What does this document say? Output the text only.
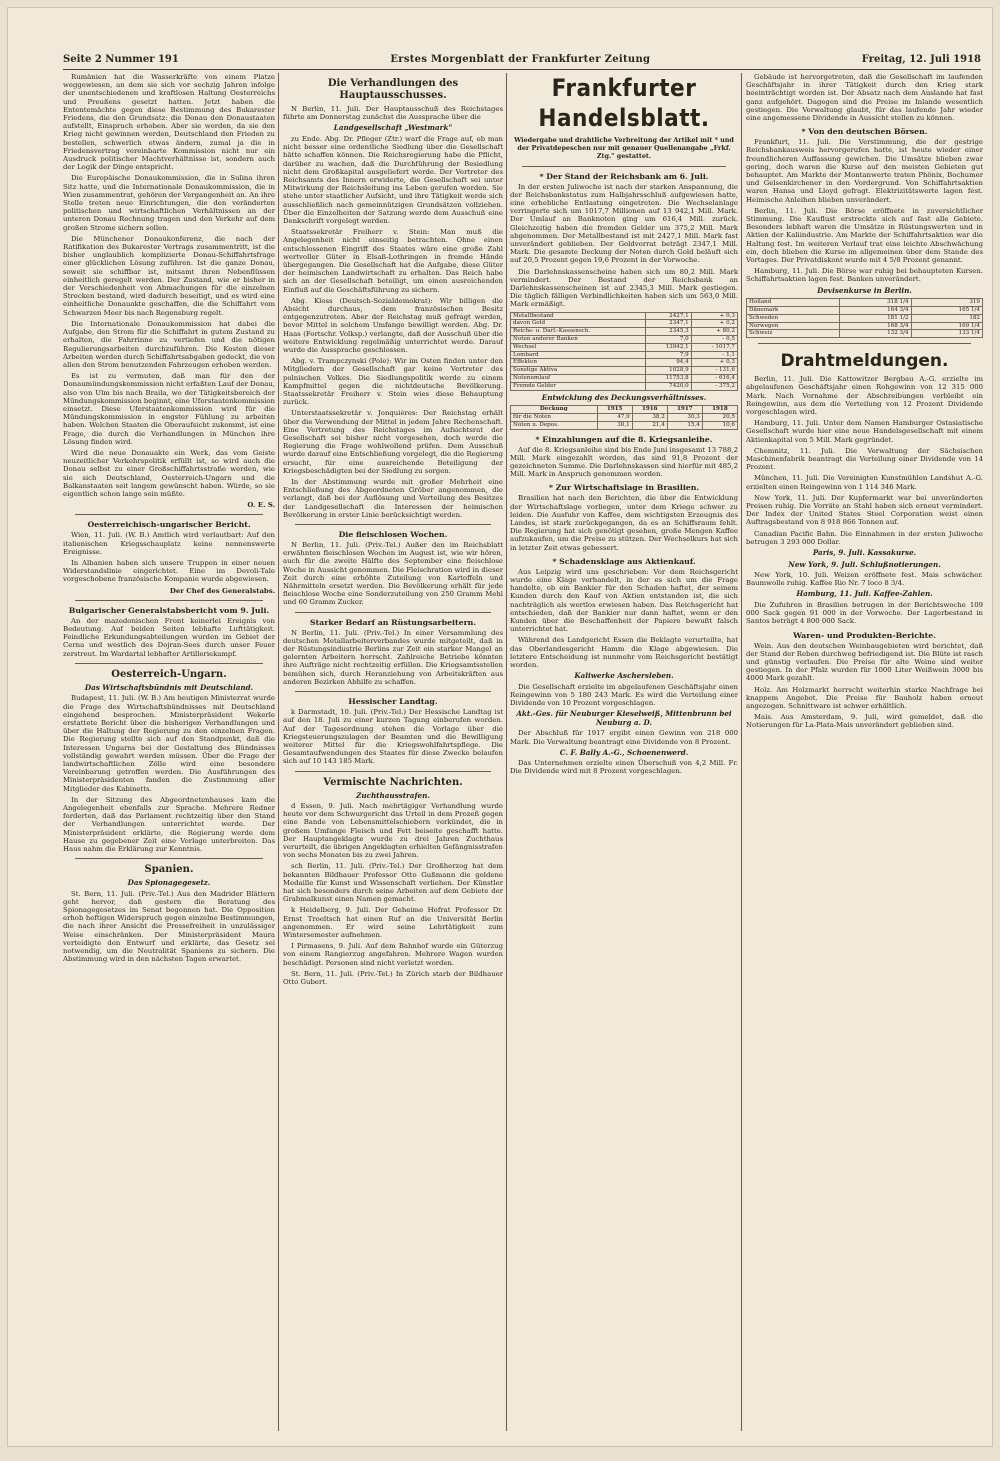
Seite 2 Nummer 191	Erstes Morgenblatt der Frankfurter Zeitung	Freitag, 12. Juli 1918

Rumänien hat die Wasserkräfte von einem Platze weggewiesen, an dem sie sich vor sechzig Jahren infolge der unentschiedenen und kraftlosen Haltung Oesterreichs und Preußens gesetzt hatten. Jetzt haben die Ententemächte gegen diese Bestimmung des Bukarester Friedens, die den Grundsatz: die Donau den Donaustaaten aufstellt, Einspruch erhoben. Aber sie werden, da sie den Krieg nicht gewinnen werden, Deutschland den Frieden zu bestellen, schwerlich etwas ändern, zumal ja die in Friedensvertrag vereinbarte Kommission nicht nur ein Ausdruck politischer Machtverhältnisse ist, sondern auch der Logik der Dinge entspricht.

Die Europäische Donaukommission, die in Sulina ihren Sitz hatte, und die Internationale Donaukommission, die in Wien zusammentrat, gehören der Vergangenheit an. An ihre Stelle treten neue Einrichtungen, die den veränderten politischen und wirtschaftlichen Verhältnissen an der unteren Donau Rechnung tragen und den Verkehr auf dem großen Strome sichern sollen.

Die Münchener Donaukonferenz, die nach der Ratifikation des Bukarester Vertrags zusammentritt, ist die bisher unglaublich komplizierte Donau-Schiffahrtsfrage einer glücklichen Lösung zuführen. Ist die ganze Donau, soweit sie schiffbar ist, mitsamt ihren Nebenflüssen einheitlich geregelt werden. Der Zustand, wie er bisher in der Verschiedenheit von Abmachungen für die einzelnen Strecken bestand, wird dadurch beseitigt, und es wird eine einheitliche Donauakte geschaffen, die die Schiffahrt vom Schwarzen Meer bis nach Regensburg regelt.

Die Internationale Donaukommission hat dabei die Aufgabe, den Strom für die Schiffahrt in gutem Zustand zu erhalten, die Fahrrinne zu vertiefen und die nötigen Regulierungsarbeiten durchzuführen. Die Kosten dieser Arbeiten werden durch Schiffahrtsabgaben gedeckt, die von allen den Strom benutzenden Fahrzeugen erhoben werden.

Es ist zu vermuten, daß man für den der Donaumündungskommission nicht erfaßten Lauf der Donau, also von Ulm bis nach Braila, wo der Tätigkeitsbereich der Mündungskommission beginnt, eine Uferstaatenkommission einsetzt. Diese Uferstaatenkommission wird für die Mündungskommission in engster Fühlung zu arbeiten haben. Welchen Staaten die Oberaufsicht zukommt, ist eine Frage, die durch die Verhandlungen in München ihre Lösung finden wird.

Wird die neue Donauakte ein Werk, das vom Geiste neuzeitlicher Verkehrspolitik erfüllt ist, so wird auch die Donau selbst zu einer Großschiffahrtsstraße werden, wie sie sich Deutschland, Oesterreich-Ungarn und die Balkanstaaten seit langem gewünscht haben. Würde, so sie eigentlich schon lange sein müßte.

O. E. S.
Oesterreichisch-ungarischer Bericht.

Wien, 11. Juli. (W. B.) Amtlich wird verlautbart: Auf den italienischen Kriegsschauplatz keine nennenswerte Ereignisse.

In Albanien haben sich unsere Truppen in einer neuen Widerstandslinie eingerichtet. Eine im Devoli-Tale vorgeschobene französische Kompanie wurde abgewiesen.

Der Chef des Generalstabs.
Bulgarischer Generalstabsbericht vom 9. Juli.

An der mazedonischen Front keinerlei Ereignis von Bedeutung. Auf beiden Seiten lebhafte Lufttätigkeit. Feindliche Erkundungsabteilungen wurden im Gebiet der Cerna und westlich des Dojran-Sees durch unser Feuer zerstreut. Im Wardartal lebhafter Artilleriekampf.

Oesterreich-Ungarn.
Das Wirtschaftsbündnis mit Deutschland.

Budapest, 11. Juli. (W. B.) Am heutigen Ministerrat wurde die Frage des Wirtschaftsbündnisses mit Deutschland eingehend besprochen. Ministerpräsident Wekerle erstattete Bericht über die bisherigen Verhandlungen und über die Haltung der Regierung zu den einzelnen Fragen. Die Regierung stellte sich auf den Standpunkt, daß die Interessen Ungarns bei der Gestaltung des Bündnisses vollständig gewahrt werden müssen. Über die Frage der landwirtschaftlichen Zölle wird eine besondere Vereinbarung getroffen werden. Die Ausführungen des Ministerpräsidenten fanden die Zustimmung aller Mitglieder des Kabinetts.

In der Sitzung des Abgeordnetenhauses kam die Angelegenheit ebenfalls zur Sprache. Mehrere Redner forderten, daß das Parlament rechtzeitig über den Stand der Verhandlungen unterrichtet werde. Der Ministerpräsident erklärte, die Regierung werde dem Hause zu gegebener Zeit eine Vorlage unterbreiten. Das Haus nahm die Erklärung zur Kenntnis.

Spanien.
Das Spionagegesetz.

St. Bern, 11. Juli. (Priv.-Tel.) Aus den Madrider Blättern geht hervor, daß gestern die Beratung des Spionagegesetzes im Senat begonnen hat. Die Opposition erhob heftigen Widerspruch gegen einzelne Bestimmungen, die nach ihrer Ansicht die Pressefreiheit in unzulässiger Weise einschränken. Der Ministerpräsident Maura verteidigte den Entwurf und erklärte, das Gesetz sei notwendig, um die Neutralität Spaniens zu sichern. Die Abstimmung wird in den nächsten Tagen erwartet.

Die Verhandlungen des Hauptausschusses.

N Berlin, 11. Juli. Der Hauptausschuß des Reichstages führte am Donnerstag zunächst die Aussprache über die

Landgesellschaft „Westmark"

zu Ende. Abg. Dr. Pfleger (Ztr.) warf die Frage auf, ob man nicht besser eine ordentliche Siedlung über die Gesellschaft hätte schaffen können. Die Reichsregierung habe die Pflicht, darüber zu wachen, daß die Durchführung der Besiedlung nicht dem Großkapital ausgeliefert werde. Der Vertreter des Reichsamts des Innern erwiderte, die Gesellschaft sei unter Mitwirkung der Reichsleitung ins Leben gerufen worden. Sie stehe unter staatlicher Aufsicht, und ihre Tätigkeit werde sich ausschließlich nach gemeinnützigen Grundsätzen vollziehen. Über die Einzelheiten der Satzung werde dem Ausschuß eine Denkschrift vorgelegt werden.

Staatssekretär Freiherr v. Stein: Man muß die Angelegenheit nicht einseitig betrachten. Ohne einen entschlossenen Eingriff des Staates wäre eine große Zahl wertvoller Güter in Elsaß-Lothringen in fremde Hände übergegangen. Die Gesellschaft hat die Aufgabe, diese Güter der heimischen Landwirtschaft zu erhalten. Das Reich habe sich an der Gesellschaft beteiligt, um einen ausreichenden Einfluß auf die Geschäftsführung zu sichern.

Abg. Kloss (Deutsch-Sozialdemokrat): Wir billigen die Absicht durchaus, dem französischen Besitz entgegenzutreten. Aber der Reichstag muß gefragt werden, bevor Mittel in solchem Umfange bewilligt werden. Abg. Dr. Haas (Fortschr. Volksp.) verlangte, daß der Ausschuß über die weitere Entwicklung regelmäßig unterrichtet werde. Darauf wurde die Aussprache geschlossen.

Abg. v. Trampczynski (Pole): Wir im Osten finden unter den Mitgliedern der Gesellschaft gar keine Vertreter des polnischen Volkes. Die Siedlungspolitik werde zu einem Kampfmittel gegen die nichtdeutsche Bevölkerung. Staatssekretär Freiherr v. Stein wies diese Behauptung zurück.

Unterstaatssekretär v. Jonquières: Der Reichstag erhält über die Verwendung der Mittel in jedem Jahre Rechenschaft. Eine Vertretung des Reichstages im Aufsichtsrat der Gesellschaft sei bisher nicht vorgesehen, doch werde die Regierung die Frage wohlwollend prüfen. Dem Ausschuß wurde darauf eine Entschließung vorgelegt, die die Regierung ersucht, für eine ausreichende Beteiligung der Kriegsbeschädigten bei der Siedlung zu sorgen.

In der Abstimmung wurde mit großer Mehrheit eine Entschließung des Abgeordneten Gröber angenommen, die verlangt, daß bei der Auflösung und Verteilung des Besitzes der Landgesellschaft die Interessen der heimischen Bevölkerung in erster Linie berücksichtigt werden.

Die fleischlosen Wochen.

N Berlin, 11. Juli. (Priv.-Tel.) Außer den im Reichsblatt erwähnten fleischlosen Wochen im August ist, wie wir hören, auch für die zweite Hälfte des September eine fleischlose Woche in Aussicht genommen. Die Fleischration wird in dieser Zeit durch eine erhöhte Zuteilung von Kartoffeln und Nährmitteln ersetzt werden. Die Bevölkerung erhält für jede fleischlose Woche eine Sonderzuteilung von 250 Gramm Mehl und 60 Gramm Zucker.

Starker Bedarf an Rüstungsarbeitern.

N Berlin, 11. Juli. (Priv.-Tel.) In einer Versammlung des deutschen Metallarbeiterverbandes wurde mitgeteilt, daß in der Rüstungsindustrie Berlins zur Zeit ein starker Mangel an gelernten Arbeitern herrscht. Zahlreiche Betriebe könnten ihre Aufträge nicht rechtzeitig erfüllen. Die Kriegsamtsstellen bemühen sich, durch Heranziehung von Arbeitskräften aus anderen Bezirken Abhilfe zu schaffen.

Hessischer Landtag.

k Darmstadt, 10. Juli. (Priv.-Tel.) Der Hessische Landtag ist auf den 18. Juli zu einer kurzen Tagung einberufen worden. Auf der Tagesordnung stehen die Vorlage über die Kriegsteuerungszulagen der Beamten und die Bewilligung weiterer Mittel für die Kriegswohlfahrtspflege. Die Gesamtaufwendungen des Staates für diese Zwecke belaufen sich auf 10 143 185 Mark.

Vermischte Nachrichten.
Zuchthausstrafen.

d Essen, 9. Juli. Nach mehrtägiger Verhandlung wurde heute vor dem Schwurgericht das Urteil in dem Prozeß gegen eine Bande von Lebensmittelschiebern verkündet, die in großem Umfange Fleisch und Fett beiseite geschafft hatte. Der Hauptangeklagte wurde zu drei Jahren Zuchthaus verurteilt, die übrigen Angeklagten erhielten Gefängnisstrafen von sechs Monaten bis zu zwei Jahren.

sch Berlin, 11. Juli. (Priv.-Tel.) Der Großherzog hat dem bekannten Bildhauer Professor Otto Gußmann die goldene Medaille für Kunst und Wissenschaft verliehen. Der Künstler hat sich besonders durch seine Arbeiten auf dem Gebiete der Grabmalkunst einen Namen gemacht.

k Heidelberg, 9. Juli. Der Geheime Hofrat Professor Dr. Ernst Troeltsch hat einen Ruf an die Universität Berlin angenommen. Er wird seine Lehrtätigkeit zum Wintersemester aufnehmen.

I Pirmasens, 9. Juli. Auf dem Bahnhof wurde ein Güterzug von einem Rangierzug angefahren. Mehrere Wagen wurden beschädigt. Personen sind nicht verletzt worden.

St. Bern, 11. Juli. (Priv.-Tel.) In Zürich starb der Bildhauer Otto Gubert.

Frankfurter Handelsblatt.
Wiedergabe und drahtliche Verbreitung der Artikel mit * und der Privatdepeschen nur mit genauer Quellenangabe „Frkf. Ztg." gestattet.
* Der Stand der Reichsbank am 6. Juli.

In der ersten Juliwoche ist nach der starken Anspannung, die der Reichsbankstatus zum Halbjahrsschluß aufgewiesen hatte, eine erhebliche Entlastung eingetreten. Die Wechselanlage verringerte sich um 1017,7 Millionen auf 13 942,1 Mill. Mark. Der Umlauf an Banknoten ging um 616,4 Mill. zurück. Gleichzeitig haben die fremden Gelder um 375,2 Mill. Mark abgenommen. Der Metallbestand ist mit 2427,1 Mill. Mark fast unverändert geblieben. Der Goldvorrat beträgt 2347,1 Mill. Mark. Die gesamte Deckung der Noten durch Gold beläuft sich auf 20,5 Prozent gegen 19,6 Prozent in der Vorwoche.

Die Darlehnskassenscheine haben sich um 80,2 Mill. Mark vermindert. Der Bestand der Reichsbank an Darlehnskassenscheinen ist auf 2345,3 Mill. Mark gestiegen. Die täglich fälligen Verbindlichkeiten haben sich um 563,0 Mill. Mark ermäßigt.

Metallbestand	2427,1	+ 0,3
davon Gold	2347,1	+ 0,2
Reichs- u. Darl.-Kassensch.	2345,3	+ 80,2
Noten anderer Banken	7,0	- 0,5
Wechsel	13942,1	- 1017,7
Lombard	7,9	- 1,1
Effekten	94,4	+ 0,3
Sonstige Aktiva	1028,9	- 131,6
Notenumlauf	11753,8	- 616,4
Fremde Gelder	7420,0	- 375,2
Entwicklung des Deckungsverhältnisses.
Deckung	1915	1916	1917	1918
für die Noten	47,9	38,2	30,3	20,5
Noten u. Depos.	30,1	21,4	15,4	10,6
* Einzahlungen auf die 8. Kriegsanleihe.

Auf die 8. Kriegsanleihe sind bis Ende Juni insgesamt 13 788,2 Mill. Mark eingezahlt worden, das sind 91,8 Prozent der gezeichneten Summe. Die Darlehnskassen sind hierfür mit 485,2 Mill. Mark in Anspruch genommen worden.

* Zur Wirtschaftslage in Brasilien.

Brasilien hat nach den Berichten, die über die Entwicklung der Wirtschaftslage vorliegen, unter dem Kriege schwer zu leiden. Die Ausfuhr von Kaffee, dem wichtigsten Erzeugnis des Landes, ist stark zurückgegangen, da es an Schiffsraum fehlt. Die Regierung hat sich genötigt gesehen, große Mengen Kaffee aufzukaufen, um die Preise zu stützen. Der Wechselkurs hat sich in letzter Zeit etwas gebessert.

* Schadensklage aus Aktienkauf.

Aus Leipzig wird uns geschrieben: Vor dem Reichsgericht wurde eine Klage verhandelt, in der es sich um die Frage handelte, ob ein Bankier für den Schaden haftet, der seinem Kunden durch den Kauf von Aktien entstanden ist, die sich nachträglich als wertlos erwiesen haben. Das Reichsgericht hat entschieden, daß der Bankier nur dann haftet, wenn er den Kunden über die Beschaffenheit der Papiere bewußt falsch unterrichtet hat.

Während des Landgericht Essen die Beklagte verurteilte, hat das Oberlandesgericht Hamm die Klage abgewiesen. Die letztere Entscheidung ist nunmehr vom Reichsgericht bestätigt worden.

Kaliwerke Aschersleben.

Die Gesellschaft erzielte im abgelaufenen Geschäftsjahr einen Reingewinn von 5 180 243 Mark. Es wird die Verteilung einer Dividende von 10 Prozent vorgeschlagen.

Akt.-Ges. für Neuburger Kieselweiß, Mittenbrunn bei Neuburg a. D.

Der Abschluß für 1917 ergibt einen Gewinn von 218 000 Mark. Die Verwaltung beantragt eine Dividende von 8 Prozent.

C. F. Bally A.-G., Schoenenwerd.

Das Unternehmen erzielte einen Überschuß von 4,2 Mill. Fr. Die Dividende wird mit 8 Prozent vorgeschlagen.

Gebäude ist hervorgetreten, daß die Gesellschaft im laufenden Geschäftsjahr in ihrer Tätigkeit durch den Krieg stark beeinträchtigt worden ist. Der Absatz nach dem Auslande hat fast ganz aufgehört. Dagegen sind die Preise im Inlande wesentlich gestiegen. Die Verwaltung glaubt, für das laufende Jahr wieder eine angemessene Dividende in Aussicht stellen zu können.

* Von den deutschen Börsen.

Frankfurt, 11. Juli. Die Verstimmung, die der gestrige Reichsbankausweis hervorgerufen hatte, ist heute wieder einer freundlicheren Auffassung gewichen. Die Umsätze blieben zwar gering, doch waren die Kurse auf den meisten Gebieten gut behauptet. Am Markte der Montanwerte traten Phönix, Bochumer und Gelsenkirchener in den Vordergrund. Von Schiffahrtsaktien waren Hansa und Lloyd gefragt. Elektrizitätswerte lagen fest. Heimische Anleihen blieben unverändert.

Berlin, 11. Juli. Die Börse eröffnete in zuversichtlicher Stimmung. Die Kauflust erstreckte sich auf fast alle Gebiete. Besonders lebhaft waren die Umsätze in Rüstungswerten und in Aktien der Kaliindustrie. Am Markte der Schiffahrtsaktien war die Haltung fest. Im weiteren Verlauf trat eine leichte Abschwächung ein, doch blieben die Kurse im allgemeinen über dem Stande des Vortages. Der Privatdiskont wurde mit 4 5/8 Prozent genannt.

Hamburg, 11. Juli. Die Börse war ruhig bei behaupteten Kursen. Schiffahrtsaktien lagen fest. Banken unverändert.

Devisenkurse in Berlin.
Holland	318 1/4	319
Dänemark	164 3/4	165 1/4
Schweden	181 1/2	182
Norwegen	168 3/4	169 1/4
Schweiz	132 3/4	133 1/4
Drahtmeldungen.

Berlin, 11. Juli. Die Kattowitzer Bergbau A.-G. erzielte im abgelaufenen Geschäftsjahr einen Rohgewinn von 12 315 000 Mark. Nach Vornahme der Abschreibungen verbleibt ein Reingewinn, aus dem die Verteilung von 12 Prozent Dividende vorgeschlagen wird.

Hamburg, 11. Juli. Unter dem Namen Hamburger Ostasiatische Gesellschaft wurde hier eine neue Handelsgesellschaft mit einem Aktienkapital von 5 Mill. Mark gegründet.

Chemnitz, 11. Juli. Die Verwaltung der Sächsischen Maschinenfabrik beantragt die Verteilung einer Dividende von 14 Prozent.

München, 11. Juli. Die Vereinigten Kunstmühlen Landshut A.-G. erzielten einen Reingewinn von 1 114 346 Mark.

New York, 11. Juli. Der Kupfermarkt war bei unveränderten Preisen ruhig. Die Vorräte an Stahl haben sich erneut vermindert. Der Index der United States Steel Corporation weist einen Auftragsbestand von 8 918 866 Tonnen auf.

Canadian Pacific Bahn. Die Einnahmen in der ersten Juliwoche betrugen 3 293 000 Dollar.

Paris, 9. Juli. Kassakurse.
New York, 9. Juli. Schlußnotierungen.

New York, 10. Juli. Weizen eröffnete fest. Mais schwächer. Baumwolle ruhig. Kaffee Rio Nr. 7 loco 8 3/4.

Hamburg, 11. Juli. Kaffee-Zahlen.

Die Zufuhren in Brasilien betrugen in der Berichtswoche 109 000 Sack gegen 91 000 in der Vorwoche. Der Lagerbestand in Santos beträgt 4 800 000 Sack.

Waren- und Produkten-Berichte.

Wein. Aus den deutschen Weinbaugebieten wird berichtet, daß der Stand der Reben durchweg befriedigend ist. Die Blüte ist rasch und günstig verlaufen. Die Preise für alte Weine sind weiter gestiegen. In der Pfalz wurden für 1000 Liter Weißwein 3000 bis 4000 Mark gezahlt.

Holz. Am Holzmarkt herrscht weiterhin starke Nachfrage bei knappem Angebot. Die Preise für Bauholz haben erneut angezogen. Schnittware ist schwer erhältlich.

Mais. Aus Amsterdam, 9. Juli, wird gemeldet, daß die Notierungen für La-Plata-Mais unverändert geblieben sind.
